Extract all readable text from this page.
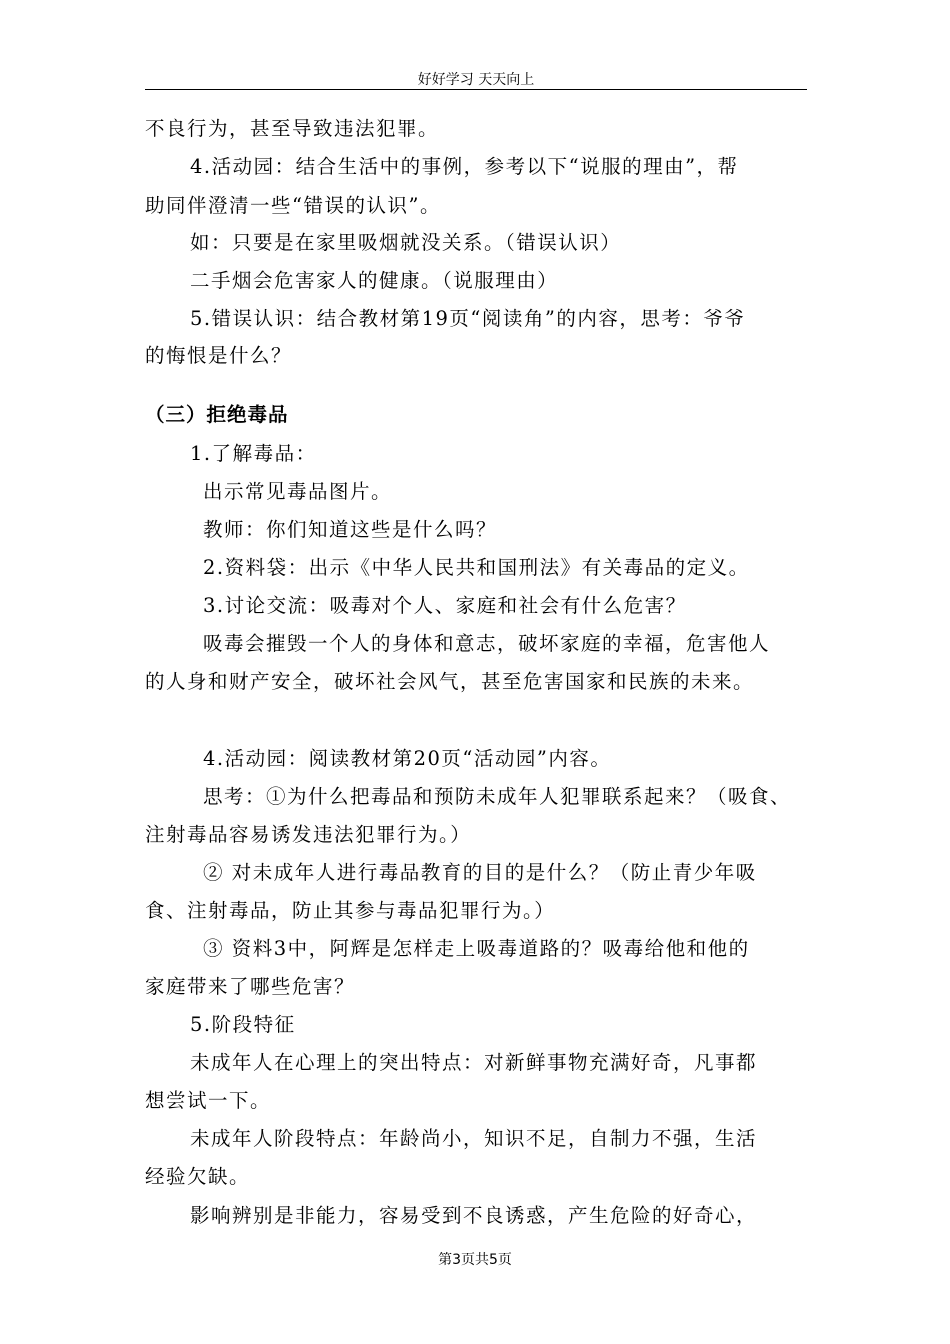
好好学习 天天向上
不良行为，甚至导致违法犯罪。
4.活动园：结合生活中的事例，参考以下“说服的理由”，帮
助同伴澄清一些“错误的认识”。
如：只要是在家里吸烟就没关系。（错误认识）
二手烟会危害家人的健康。（说服理由）
5.错误认识：结合教材第19页“阅读角”的内容，思考：爷爷
的悔恨是什么？
（三）拒绝毒品
1.了解毒品：
出示常见毒品图片。
教师：你们知道这些是什么吗？
2.资料袋：出示《中华人民共和国刑法》有关毒品的定义。
3.讨论交流：吸毒对个人、家庭和社会有什么危害？
吸毒会摧毁一个人的身体和意志，破坏家庭的幸福，危害他人
的人身和财产安全，破坏社会风气，甚至危害国家和民族的未来。
4.活动园：阅读教材第20页“活动园”内容。
思考：①为什么把毒品和预防未成年人犯罪联系起来？（吸食、
注射毒品容易诱发违法犯罪行为。）
② 对未成年人进行毒品教育的目的是什么？（防止青少年吸
食、注射毒品，防止其参与毒品犯罪行为。）
③ 资料3中，阿辉是怎样走上吸毒道路的？吸毒给他和他的
家庭带来了哪些危害？
5.阶段特征
未成年人在心理上的突出特点：对新鲜事物充满好奇，凡事都
想尝试一下。
未成年人阶段特点：年龄尚小，知识不足，自制力不强，生活
经验欠缺。
影响辨别是非能力，容易受到不良诱惑，产生危险的好奇心，
第3页共5页
